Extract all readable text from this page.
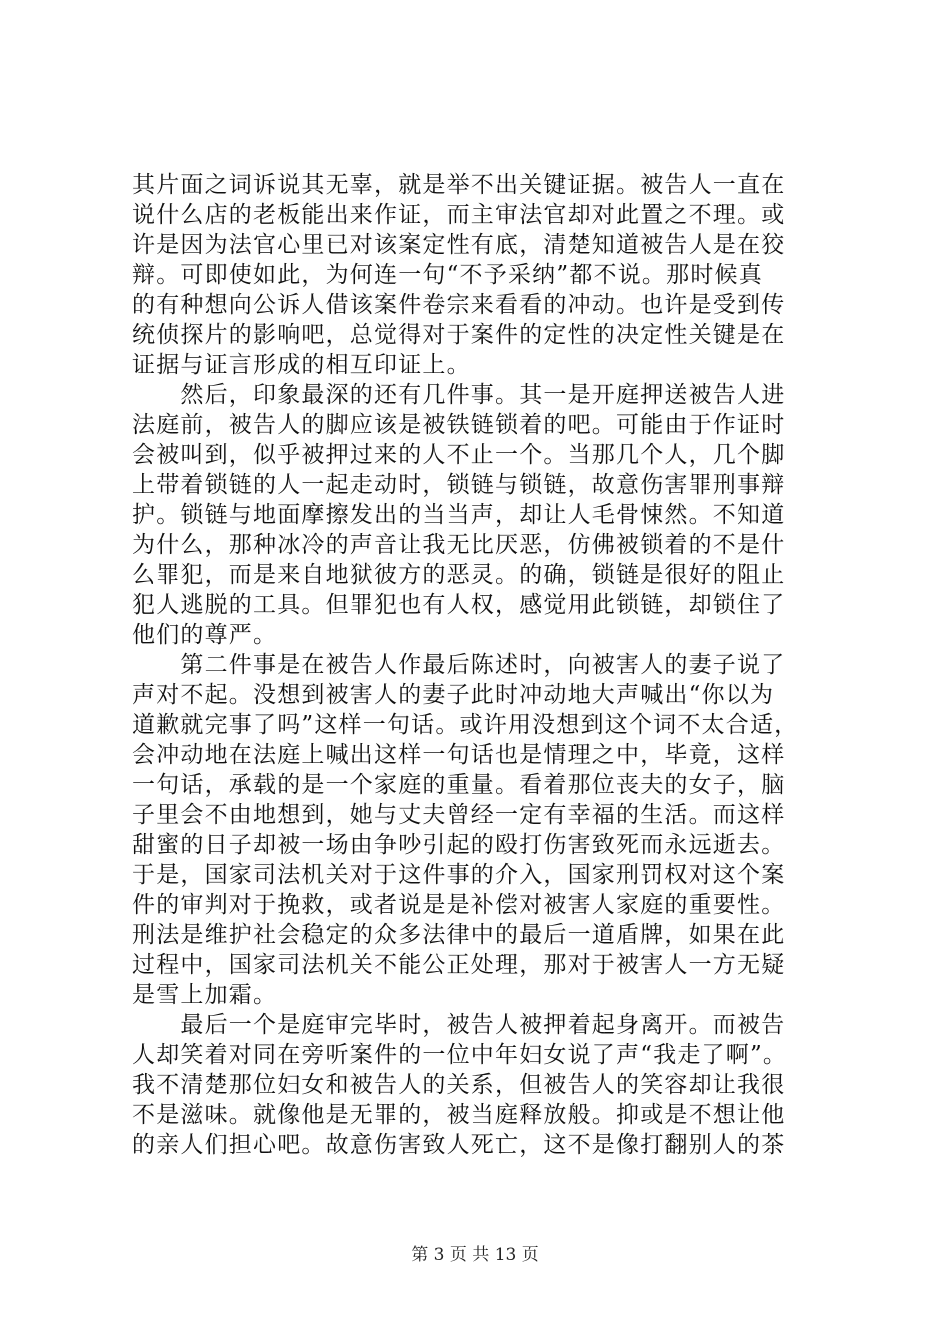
其片面之词诉说其无辜，就是举不出关键证据。被告人一直在
说什么店的老板能出来作证，而主审法官却对此置之不理。或
许是因为法官心里已对该案定性有底，清楚知道被告人是在狡
辩。可即使如此，为何连一句“不予采纳”都不说。那时候真
的有种想向公诉人借该案件卷宗来看看的冲动。也许是受到传
统侦探片的影响吧，总觉得对于案件的定性的决定性关键是在
证据与证言形成的相互印证上。
　　然后，印象最深的还有几件事。其一是开庭押送被告人进
法庭前，被告人的脚应该是被铁链锁着的吧。可能由于作证时
会被叫到，似乎被押过来的人不止一个。当那几个人，几个脚
上带着锁链的人一起走动时，锁链与锁链，故意伤害罪刑事辩
护。锁链与地面摩擦发出的当当声，却让人毛骨悚然。不知道
为什么，那种冰冷的声音让我无比厌恶，仿佛被锁着的不是什
么罪犯，而是来自地狱彼方的恶灵。的确，锁链是很好的阻止
犯人逃脱的工具。但罪犯也有人权，感觉用此锁链，却锁住了
他们的尊严。
　　第二件事是在被告人作最后陈述时，向被害人的妻子说了
声对不起。没想到被害人的妻子此时冲动地大声喊出“你以为
道歉就完事了吗”这样一句话。或许用没想到这个词不太合适，
会冲动地在法庭上喊出这样一句话也是情理之中，毕竟，这样
一句话，承载的是一个家庭的重量。看着那位丧夫的女子，脑
子里会不由地想到，她与丈夫曾经一定有幸福的生活。而这样
甜蜜的日子却被一场由争吵引起的殴打伤害致死而永远逝去。
于是，国家司法机关对于这件事的介入，国家刑罚权对这个案
件的审判对于挽救，或者说是是补偿对被害人家庭的重要性。
刑法是维护社会稳定的众多法律中的最后一道盾牌，如果在此
过程中，国家司法机关不能公正处理，那对于被害人一方无疑
是雪上加霜。
　　最后一个是庭审完毕时，被告人被押着起身离开。而被告
人却笑着对同在旁听案件的一位中年妇女说了声“我走了啊”。
我不清楚那位妇女和被告人的关系，但被告人的笑容却让我很
不是滋味。就像他是无罪的，被当庭释放般。抑或是不想让他
的亲人们担心吧。故意伤害致人死亡，这不是像打翻别人的茶
第 3 页 共 13 页
